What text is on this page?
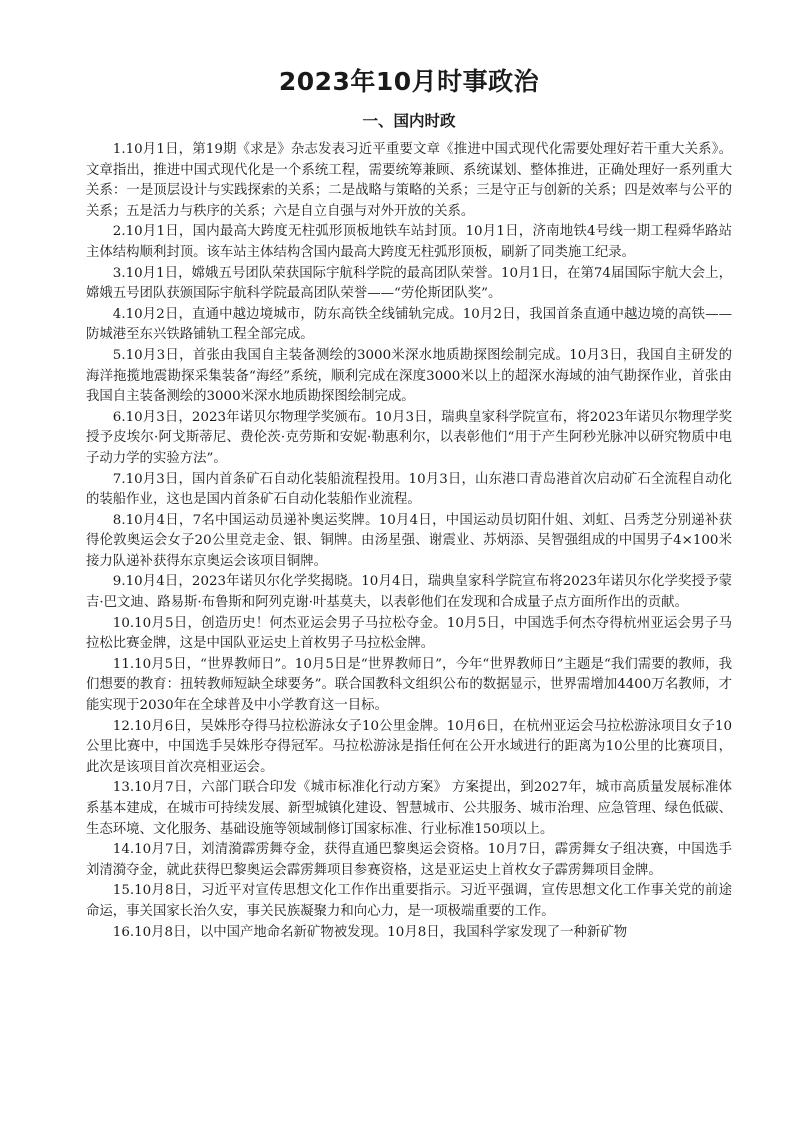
2023年10月时事政治
一、国内时政

1.10月1日，第19期《求是》杂志发表习近平重要文章《推进中国式现代化需要处理好若干重大关系》。文章指出，推进中国式现代化是一个系统工程，需要统筹兼顾、系统谋划、整体推进，正确处理好一系列重大关系：一是顶层设计与实践探索的关系；二是战略与策略的关系；三是守正与创新的关系；四是效率与公平的关系；五是活力与秩序的关系；六是自立自强与对外开放的关系。

2.10月1日，国内最高大跨度无柱弧形顶板地铁车站封顶。10月1日，济南地铁4号线一期工程舜华路站主体结构顺利封顶。该车站主体结构含国内最高大跨度无柱弧形顶板，刷新了同类施工纪录。

3.10月1日，嫦娥五号团队荣获国际宇航科学院的最高团队荣誉。10月1日，在第74届国际宇航大会上，嫦娥五号团队获颁国际宇航科学院最高团队荣誉——“劳伦斯团队奖”。

4.10月2日，直通中越边境城市，防东高铁全线铺轨完成。10月2日，我国首条直通中越边境的高铁——防城港至东兴铁路铺轨工程全部完成。

5.10月3日，首张由我国自主装备测绘的3000米深水地质勘探图绘制完成。10月3日，我国自主研发的海洋拖揽地震勘探采集装备“海经”系统，顺利完成在深度3000米以上的超深水海域的油气勘探作业，首张由我国自主装备测绘的3000米深水地质勘探图绘制完成。

6.10月3日，2023年诺贝尔物理学奖颁布。10月3日，瑞典皇家科学院宣布，将2023年诺贝尔物理学奖授予皮埃尔·阿戈斯蒂尼、费伦茨·克劳斯和安妮·勒惠利尔，以表彰他们“用于产生阿秒光脉冲以研究物质中电子动力学的实验方法”。

7.10月3日，国内首条矿石自动化装船流程投用。10月3日，山东港口青岛港首次启动矿石全流程自动化的装船作业，这也是国内首条矿石自动化装船作业流程。

8.10月4日，7名中国运动员递补奥运奖牌。10月4日，中国运动员切阳什姐、刘虹、吕秀芝分别递补获得伦敦奥运会女子20公里竞走金、银、铜牌。由汤星强、谢震业、苏炳添、吴智强组成的中国男子4×100米接力队递补获得东京奥运会该项目铜牌。

9.10月4日，2023年诺贝尔化学奖揭晓。10月4日，瑞典皇家科学院宣布将2023年诺贝尔化学奖授予蒙吉·巴文迪、路易斯·布鲁斯和阿列克谢·叶基莫夫，以表彰他们在发现和合成量子点方面所作出的贡献。

10.10月5日，创造历史！何杰亚运会男子马拉松夺金。10月5日，中国选手何杰夺得杭州亚运会男子马拉松比赛金牌，这是中国队亚运史上首枚男子马拉松金牌。

11.10月5日，“世界教师日”。10月5日是“世界教师日”，今年“世界教师日”主题是“我们需要的教师，我们想要的教育：扭转教师短缺全球要务”。联合国教科文组织公布的数据显示，世界需增加4400万名教师，才能实现于2030年在全球普及中小学教育这一目标。

12.10月6日，吴姝彤夺得马拉松游泳女子10公里金牌。10月6日，在杭州亚运会马拉松游泳项目女子10公里比赛中，中国选手吴姝彤夺得冠军。马拉松游泳是指任何在公开水域进行的距离为10公里的比赛项目，此次是该项目首次亮相亚运会。

13.10月7日，六部门联合印发《城市标准化行动方案》 方案提出，到2027年，城市高质量发展标准体系基本建成，在城市可持续发展、新型城镇化建设、智慧城市、公共服务、城市治理、应急管理、绿色低碳、生态环境、文化服务、基础设施等领域制修订国家标准、行业标准150项以上。

14.10月7日，刘清漪霹雳舞夺金，获得直通巴黎奥运会资格。10月7日，霹雳舞女子组决赛，中国选手刘清漪夺金，就此获得巴黎奥运会霹雳舞项目参赛资格，这是亚运史上首枚女子霹雳舞项目金牌。

15.10月8日，习近平对宣传思想文化工作作出重要指示。习近平强调，宣传思想文化工作事关党的前途命运，事关国家长治久安，事关民族凝聚力和向心力，是一项极端重要的工作。

16.10月8日，以中国产地命名新矿物被发现。10月8日，我国科学家发现了一种新矿物
